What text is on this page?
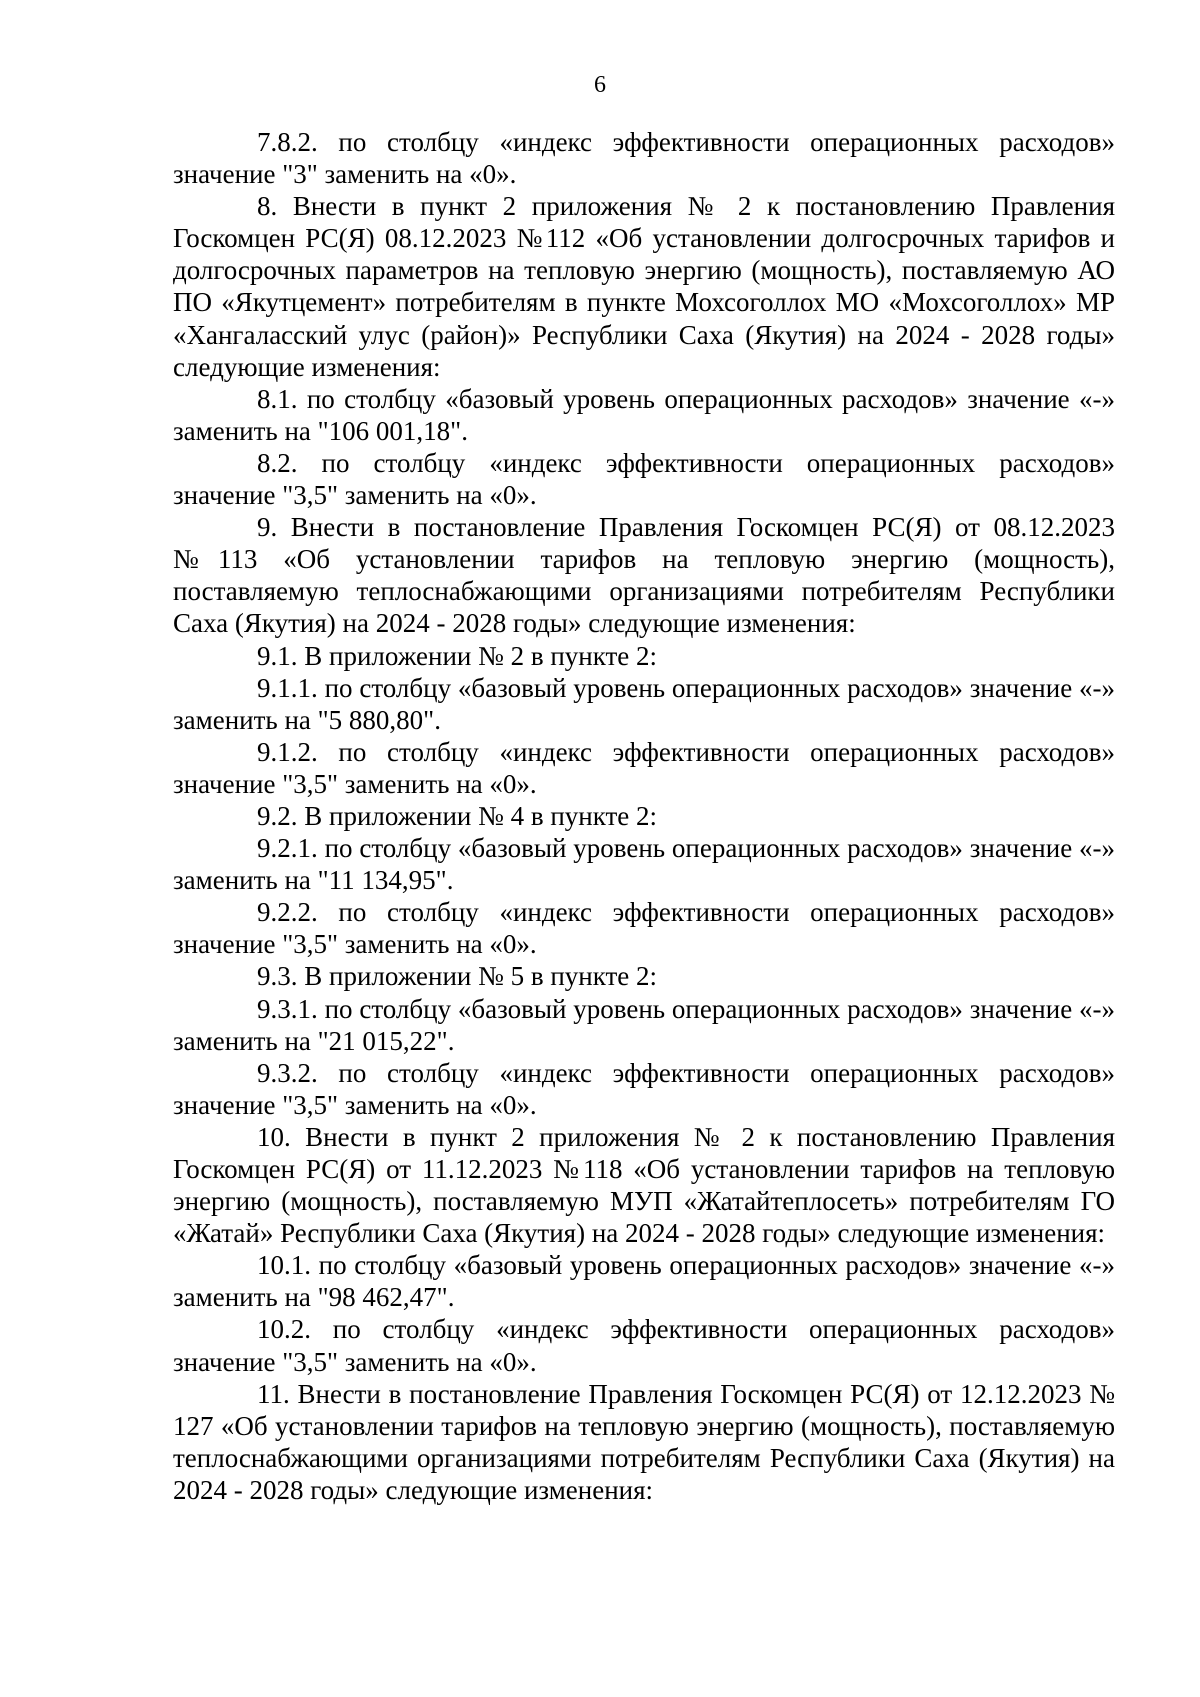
6

7.8.2. по столбцу «индекс эффективности операционных расходов» значение "3" заменить на «0».

8. Внести в пункт 2 приложения № 2 к постановлению Правления Госкомцен РС(Я) 08.12.2023 №112 «Об установлении долгосрочных тарифов и долгосрочных параметров на тепловую энергию (мощность), поставляемую АО ПО «Якутцемент» потребителям в пункте Мохсоголлох МО «Мохсоголлох» МР «Хангаласский улус (район)» Республики Саха (Якутия) на 2024 - 2028 годы» следующие изменения:

8.1. по столбцу «базовый уровень операционных расходов» значение «-» заменить на "106 001,18".

8.2. по столбцу «индекс эффективности операционных расходов» значение "3,5" заменить на «0».

9. Внести в постановление Правления Госкомцен РС(Я) от 08.12.2023 №113 «Об установлении тарифов на тепловую энергию (мощность), поставляемую теплоснабжающими организациями потребителям Республики Саха (Якутия) на 2024 - 2028 годы» следующие изменения:

9.1. В приложении № 2 в пункте 2:

9.1.1. по столбцу «базовый уровень операционных расходов» значение «-» заменить на "5 880,80".

9.1.2. по столбцу «индекс эффективности операционных расходов» значение "3,5" заменить на «0».

9.2. В приложении № 4 в пункте 2:

9.2.1. по столбцу «базовый уровень операционных расходов» значение «-» заменить на "11 134,95".

9.2.2. по столбцу «индекс эффективности операционных расходов» значение "3,5" заменить на «0».

9.3. В приложении № 5 в пункте 2:

9.3.1. по столбцу «базовый уровень операционных расходов» значение «-» заменить на "21 015,22".

9.3.2. по столбцу «индекс эффективности операционных расходов» значение "3,5" заменить на «0».

10. Внести в пункт 2 приложения № 2 к постановлению Правления Госкомцен РС(Я) от 11.12.2023 №118 «Об установлении тарифов на тепловую энергию (мощность), поставляемую МУП «Жатайтеплосеть» потребителям ГО «Жатай» Республики Саха (Якутия) на 2024 - 2028 годы» следующие изменения:

10.1. по столбцу «базовый уровень операционных расходов» значение «-» заменить на "98 462,47".

10.2. по столбцу «индекс эффективности операционных расходов» значение "3,5" заменить на «0».

11. Внести в постановление Правления Госкомцен РС(Я) от 12.12.2023 № 127 «Об установлении тарифов на тепловую энергию (мощность), поставляемую теплоснабжающими организациями потребителям Республики Саха (Якутия) на 2024 - 2028 годы» следующие изменения:
